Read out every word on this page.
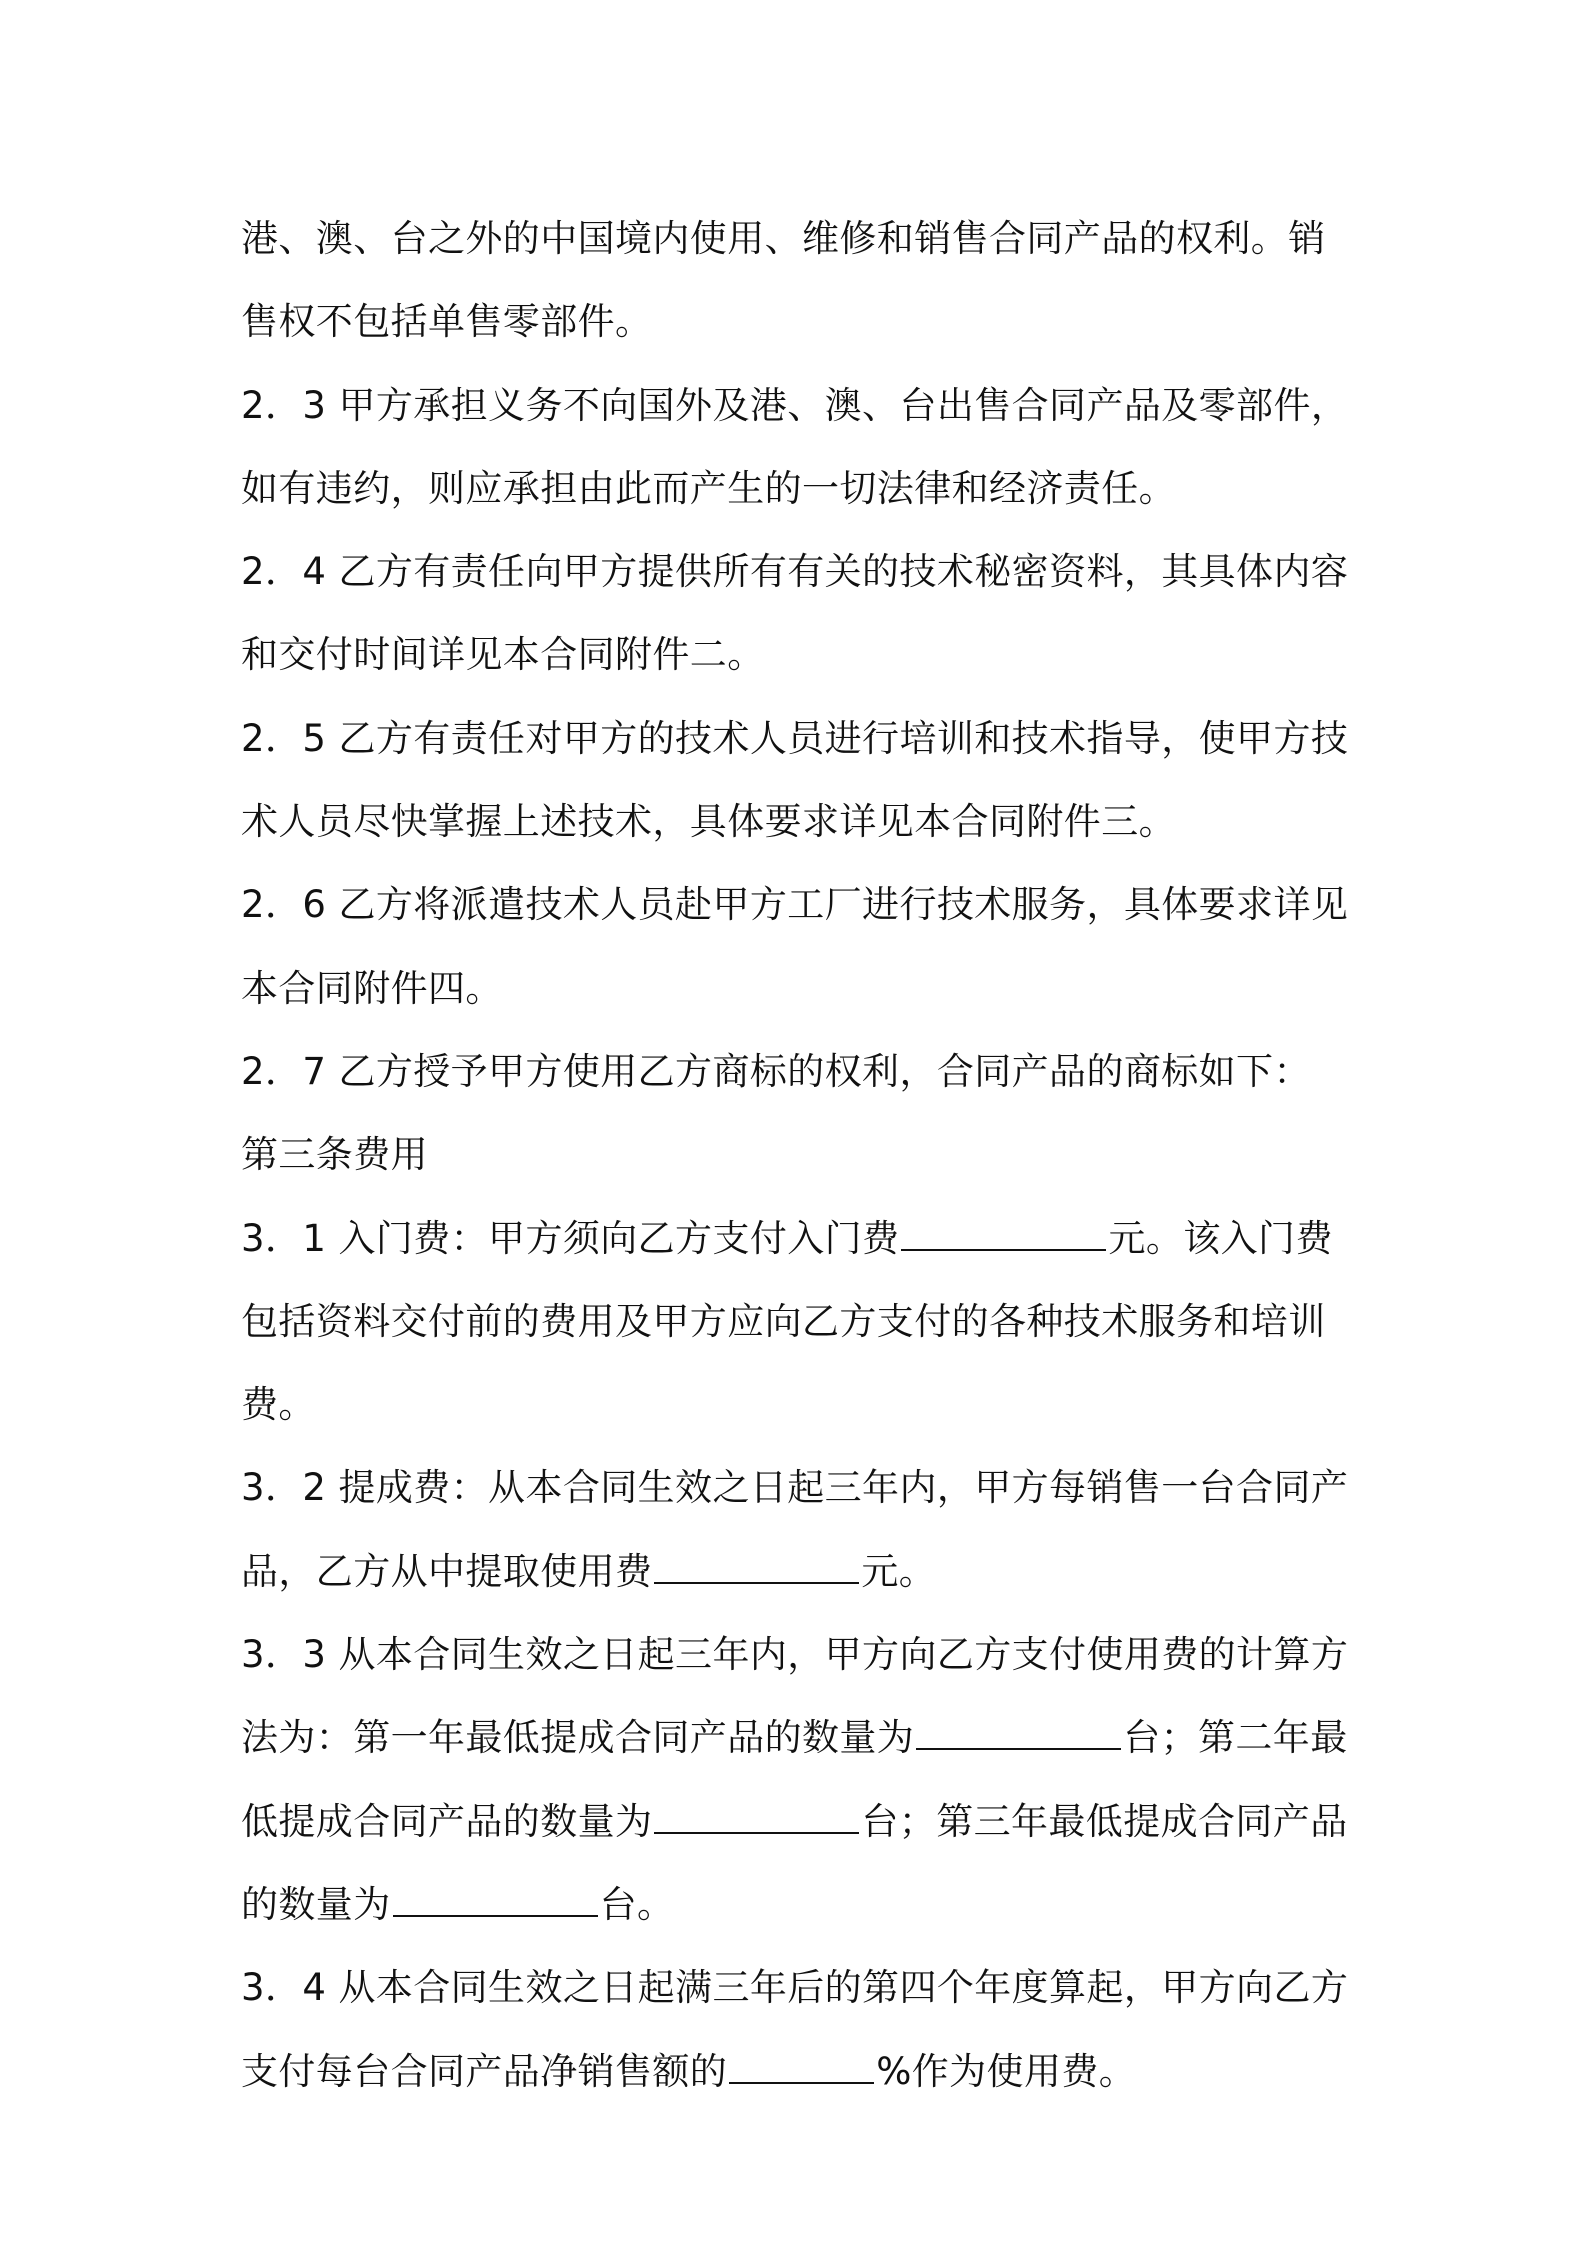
港、澳、台之外的中国境内使用、维修和销售合同产品的权利。销售权不包括单售零部件。

2．3 甲方承担义务不向国外及港、澳、台出售合同产品及零部件，如有违约，则应承担由此而产生的一切法律和经济责任。

2．4 乙方有责任向甲方提供所有有关的技术秘密资料，其具体内容和交付时间详见本合同附件二。

2．5 乙方有责任对甲方的技术人员进行培训和技术指导，使甲方技术人员尽快掌握上述技术，具体要求详见本合同附件三。

2．6 乙方将派遣技术人员赴甲方工厂进行技术服务，具体要求详见本合同附件四。

2．7 乙方授予甲方使用乙方商标的权利，合同产品的商标如下：

第三条费用

3．1 入门费：甲方须向乙方支付入门费	元。该入门费包括资料交付前的费用及甲方应向乙方支付的各种技术服务和培训费。

3．2 提成费：从本合同生效之日起三年内，甲方每销售一台合同产品，乙方从中提取使用费	元。

3．3 从本合同生效之日起三年内，甲方向乙方支付使用费的计算方法为：第一年最低提成合同产品的数量为	台；第二年最低提成合同产品的数量为	台；第三年最低提成合同产品的数量为	台。

3．4 从本合同生效之日起满三年后的第四个年度算起，甲方向乙方支付每台合同产品净销售额的	%作为使用费。
